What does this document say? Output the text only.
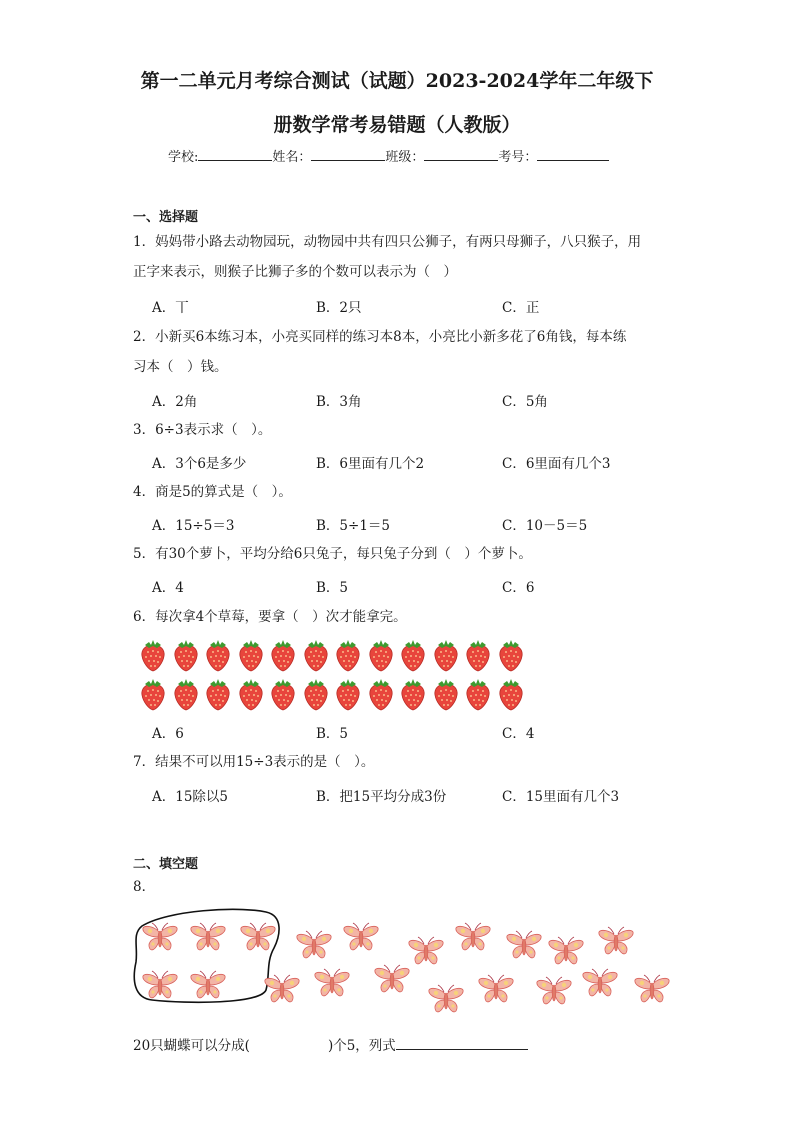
第一二单元月考综合测试（试题）2023-2024学年二年级下
册数学常考易错题（人教版）
学校:	姓名：	班级：	考号：
一、选择题
1．妈妈带小路去动物园玩，动物园中共有四只公狮子，有两只母狮子，八只猴子，用
正字来表示，则猴子比狮子多的个数可以表示为（　）
A．丅	B．2只	C．正
2．小新买6本练习本，小亮买同样的练习本8本，小亮比小新多花了6角钱，每本练
习本（　）钱。
A．2角	B．3角	C．5角
3．6÷3表示求（　）。
A．3个6是多少	B．6里面有几个2	C．6里面有几个3
4．商是5的算式是（　）。
A．15÷5＝3	B．5÷1＝5	C．10－5＝5
5．有30个萝卜，平均分给6只兔子，每只兔子分到（　）个萝卜。
A．4	B．5	C．6
6．每次拿4个草莓，要拿（　）次才能拿完。
A．6	B．5	C．4
7．结果不可以用15÷3表示的是（　）。
A．15除以5	B．把15平均分成3份	C．15里面有几个3
二、填空题
8．
20只蝴蝶可以分成(	)个5，列式
